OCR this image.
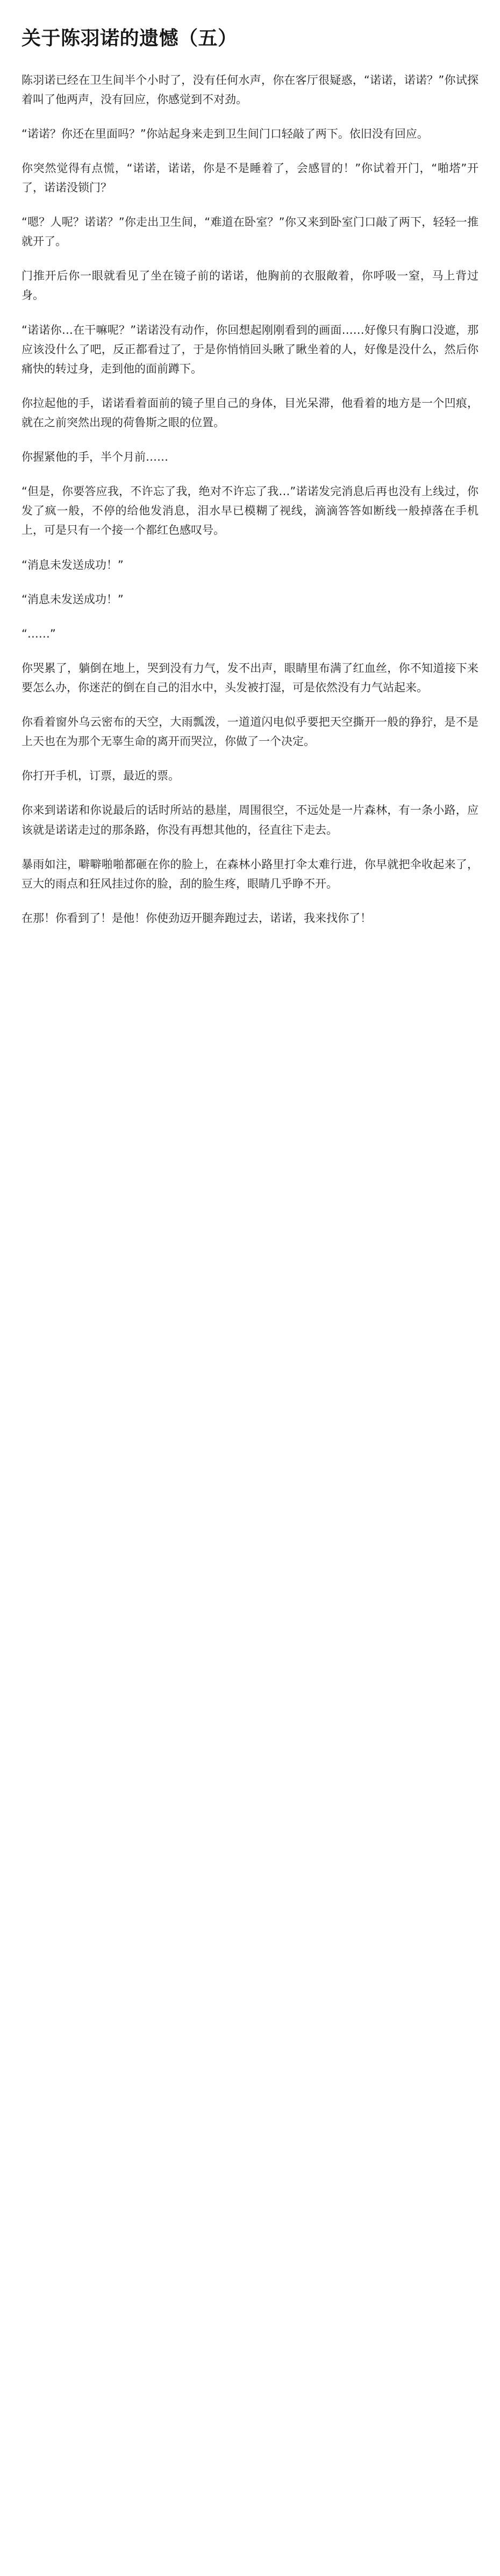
关于陈羽诺的遗憾（五）

陈羽诺已经在卫生间半个小时了，没有任何水声，你在客厅很疑惑，“诺诺，诺诺？”你试探着叫了他两声，没有回应，你感觉到不对劲。

“诺诺？你还在里面吗？”你站起身来走到卫生间门口轻敲了两下。依旧没有回应。

你突然觉得有点慌，“诺诺，诺诺，你是不是睡着了，会感冒的！”你试着开门，“啪塔”开了，诺诺没锁门？

“嗯？人呢？诺诺？”你走出卫生间，“难道在卧室？”你又来到卧室门口敲了两下，轻轻一推就开了。

门推开后你一眼就看见了坐在镜子前的诺诺，他胸前的衣服敞着，你呼吸一窒，马上背过身。

“诺诺你…在干嘛呢？”诺诺没有动作，你回想起刚刚看到的画面……好像只有胸口没遮，那应该没什么了吧，反正都看过了，于是你悄悄回头瞅了瞅坐着的人，好像是没什么，然后你痛快的转过身，走到他的面前蹲下。

你拉起他的手，诺诺看着面前的镜子里自己的身体，目光呆滞，他看着的地方是一个凹痕，就在之前突然出现的荷鲁斯之眼的位置。

你握紧他的手，半个月前……

“但是，你要答应我，不许忘了我，绝对不许忘了我…”诺诺发完消息后再也没有上线过，你发了疯一般，不停的给他发消息，泪水早已模糊了视线，滴滴答答如断线一般掉落在手机上，可是只有一个接一个都红色感叹号。

“消息未发送成功！”

“消息未发送成功！”

“……”

你哭累了，躺倒在地上，哭到没有力气，发不出声，眼睛里布满了红血丝，你不知道接下来要怎么办，你迷茫的倒在自己的泪水中，头发被打湿，可是依然没有力气站起来。

你看着窗外乌云密布的天空，大雨瓢泼，一道道闪电似乎要把天空撕开一般的狰狞，是不是上天也在为那个无辜生命的离开而哭泣，你做了一个决定。

你打开手机，订票，最近的票。

你来到诺诺和你说最后的话时所站的悬崖，周围很空，不远处是一片森林，有一条小路，应该就是诺诺走过的那条路，你没有再想其他的，径直往下走去。

暴雨如注，噼噼啪啪都砸在你的脸上，在森林小路里打伞太难行进，你早就把伞收起来了，豆大的雨点和狂风挂过你的脸，刮的脸生疼，眼睛几乎睁不开。

在那！你看到了！是他！你使劲迈开腿奔跑过去，诺诺，我来找你了！
